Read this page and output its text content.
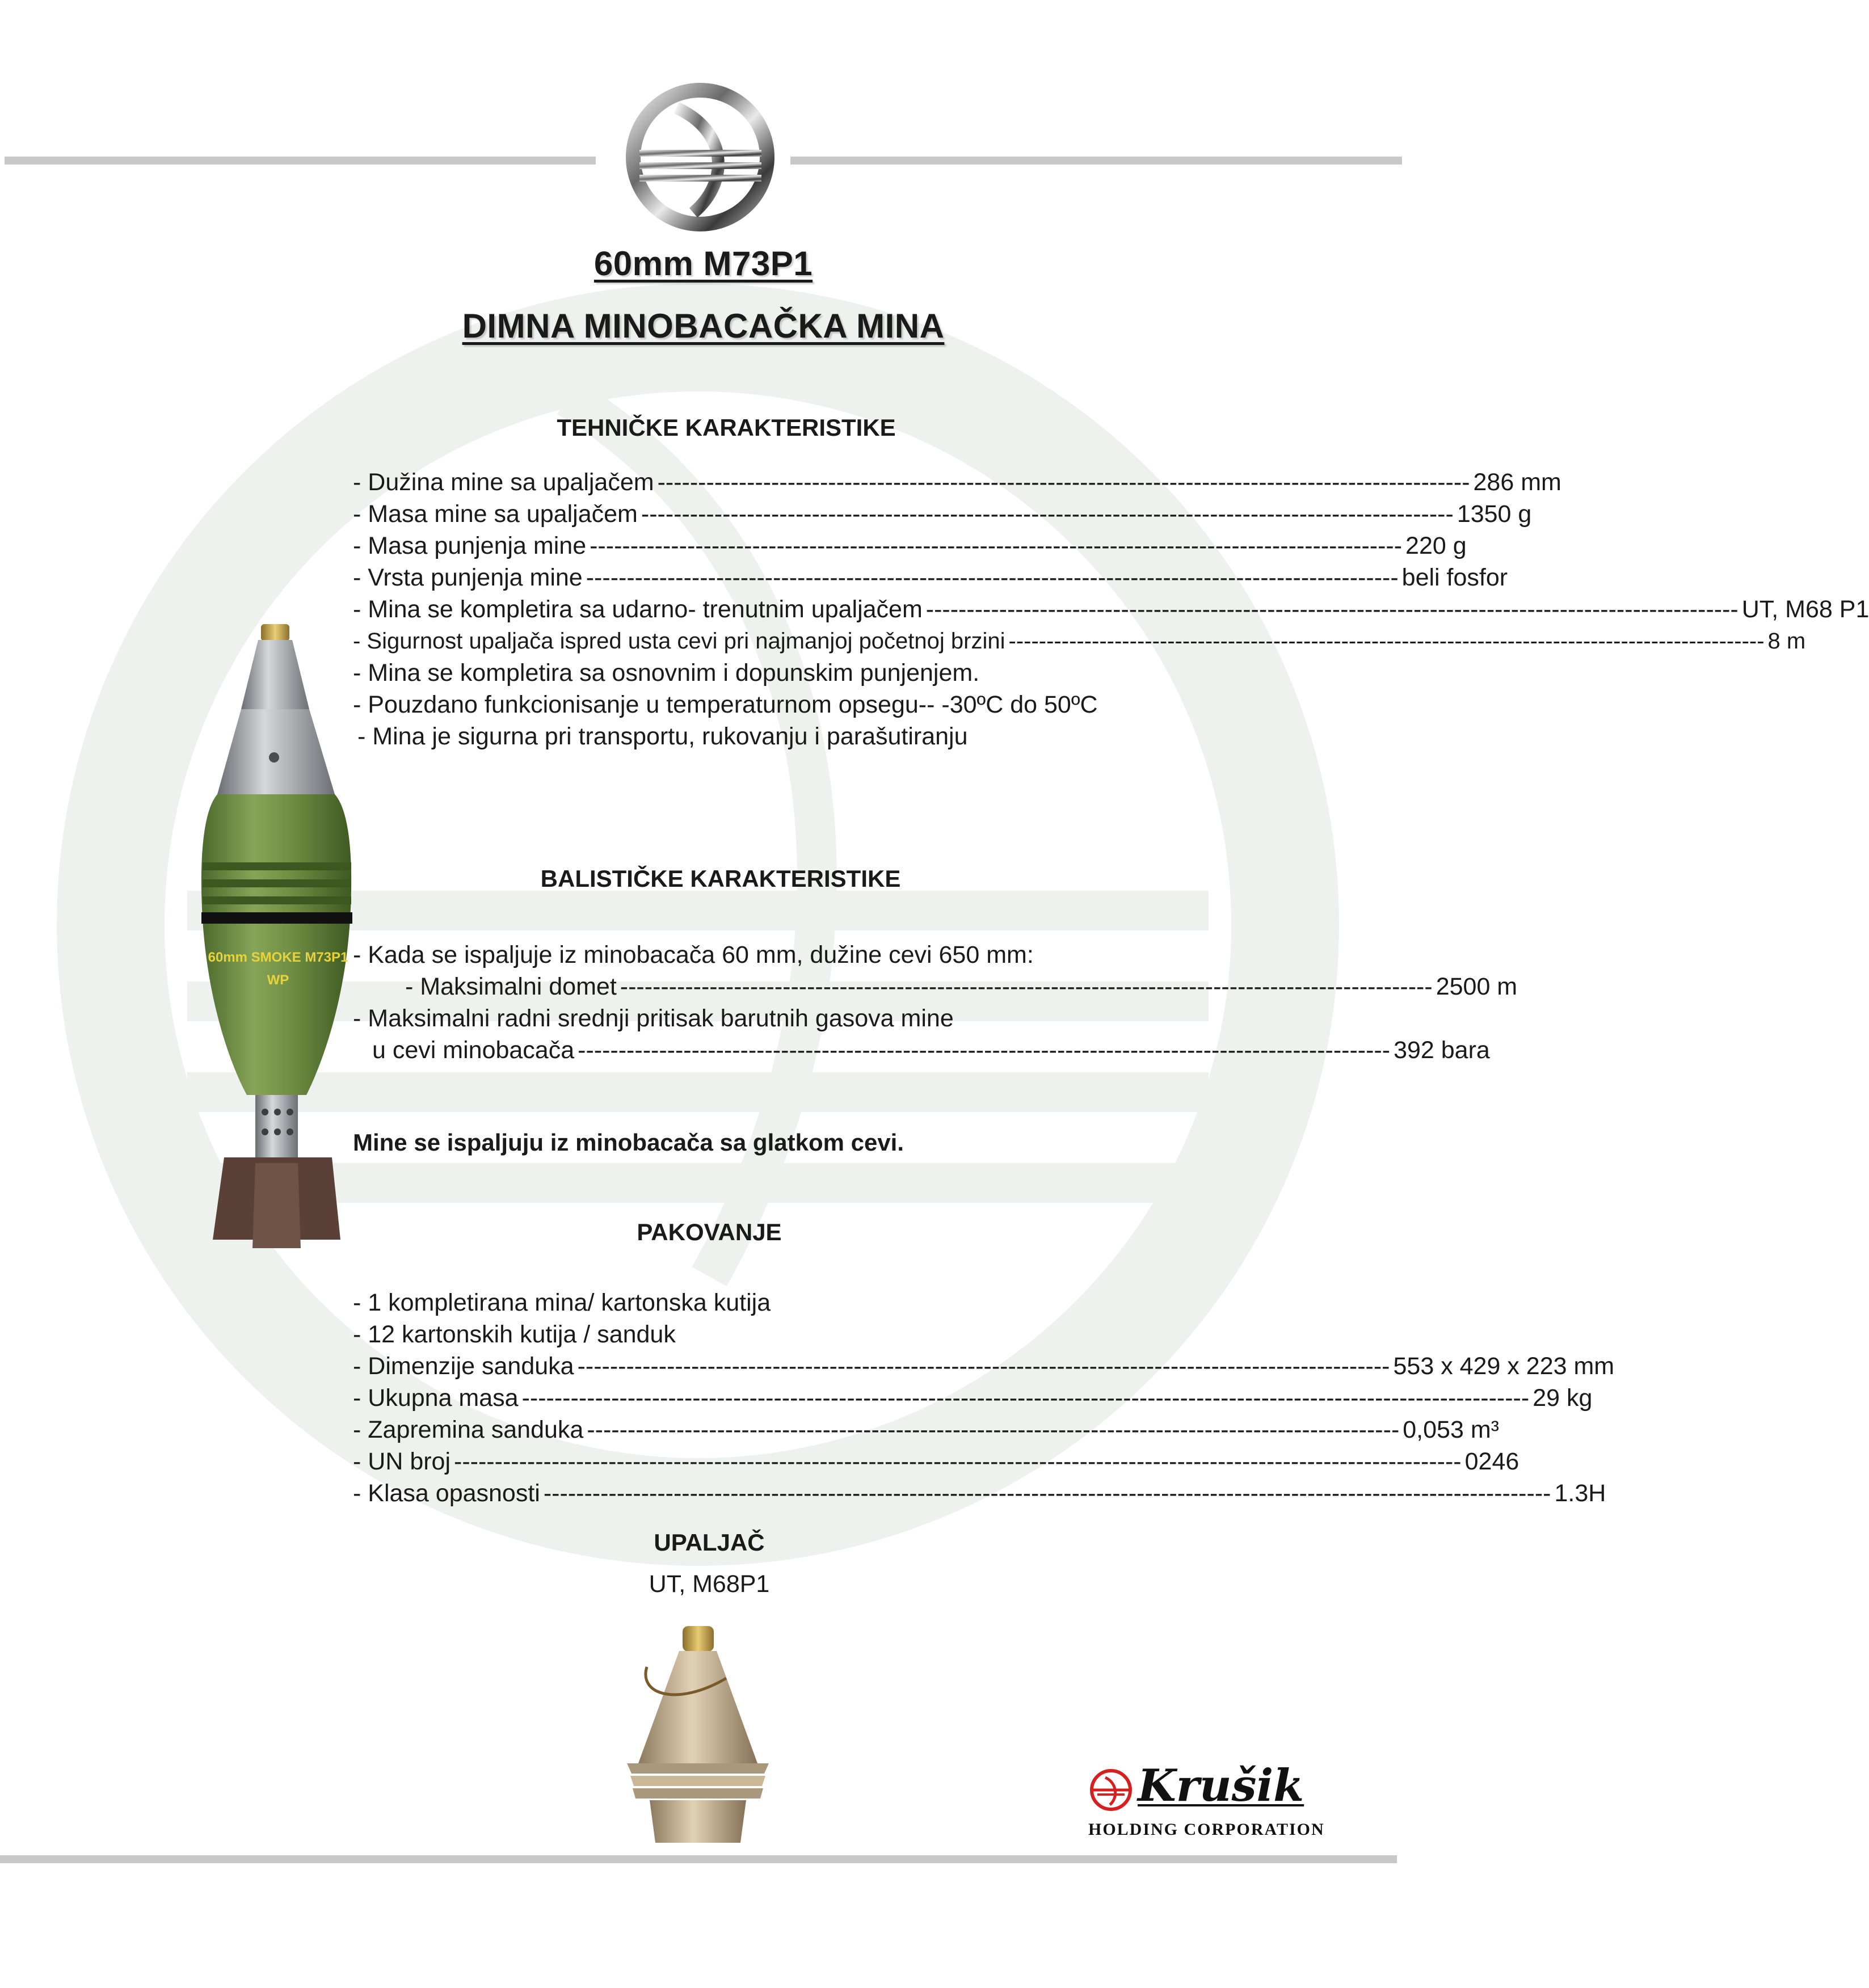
60mm M73P1
DIMNA MINOBACAČKA MINA
TEHNIČKE KARAKTERISTIKE
- Dužina mine sa upaljačem ---------------------------------------------------------------------------------------------------- 286 mm
- Masa mine sa upaljačem ---------------------------------------------------------------------------------------------------- 1350 g
- Masa punjenja mine ---------------------------------------------------------------------------------------------------- 220 g
- Vrsta punjenja mine ---------------------------------------------------------------------------------------------------- beli fosfor
- Mina se kompletira sa udarno- trenutnim upaljačem ---------------------------------------------------------------------------------------------------- UT, M68 P1
- Sigurnost upaljača ispred usta cevi pri najmanjoj početnoj brzini ---------------------------------------------------------------------------------------------------- 8 m
- Mina se kompletira sa osnovnim i dopunskim punjenjem.
- Pouzdano funkcionisanje u temperaturnom opsegu-- -30ºC do 50ºC
- Mina je sigurna pri transportu, rukovanju i parašutiranju
60mm SMOKE M73P1
WP
BALISTIČKE KARAKTERISTIKE
- Kada se ispaljuje iz minobacača 60 mm, dužine cevi 650 mm:
- Maksimalni domet ---------------------------------------------------------------------------------------------------- 2500 m
- Maksimalni radni srednji pritisak barutnih gasova mine
u cevi minobacača ---------------------------------------------------------------------------------------------------- 392 bara
Mine se ispaljuju iz minobacača sa glatkom cevi.
PAKOVANJE
- 1 kompletirana mina/ kartonska kutija
- 12 kartonskih kutija / sanduk
- Dimenzije sanduka ---------------------------------------------------------------------------------------------------- 553 x 429 x 223 mm
- Ukupna masa ---------------------------------------------------------------------------------------------------------------------------- 29 kg
- Zapremina sanduka ---------------------------------------------------------------------------------------------------- 0,053 m³
- UN broj ---------------------------------------------------------------------------------------------------------------------------- 0246
- Klasa opasnosti ---------------------------------------------------------------------------------------------------------------------------- 1.3H
UPALJAČ
UT, M68P1
Krušik
HOLDING CORPORATION
